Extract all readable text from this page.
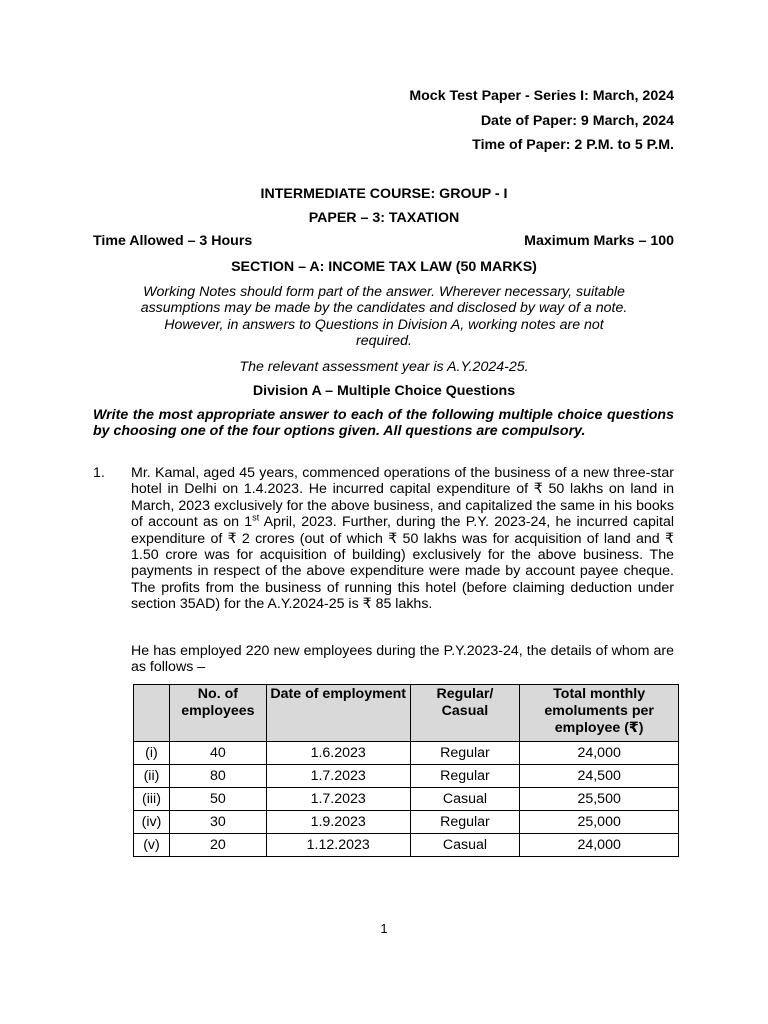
Mock Test Paper - Series I: March, 2024
Date of Paper: 9 March, 2024
Time of Paper: 2 P.M. to 5 P.M.
INTERMEDIATE COURSE: GROUP - I
PAPER – 3: TAXATION
Time Allowed – 3 Hours	Maximum Marks – 100
SECTION – A: INCOME TAX LAW (50 MARKS)
Working Notes should form part of the answer. Wherever necessary, suitable
assumptions may be made by the candidates and disclosed by way of a note.
However, in answers to Questions in Division A, working notes are not
required.
The relevant assessment year is A.Y.2024-25.
Division A – Multiple Choice Questions
Write the most appropriate answer to each of the following multiple choice questions by choosing one of the four options given. All questions are compulsory.
1. Mr. Kamal, aged 45 years, commenced operations of the business of a new three-star hotel in Delhi on 1.4.2023. He incurred capital expenditure of ₹ 50 lakhs on land in March, 2023 exclusively for the above business, and capitalized the same in his books of account as on 1st April, 2023. Further, during the P.Y. 2023-24, he incurred capital expenditure of ₹ 2 crores (out of which ₹ 50 lakhs was for acquisition of land and ₹ 1.50 crore was for acquisition of building) exclusively for the above business. The payments in respect of the above expenditure were made by account payee cheque. The profits from the business of running this hotel (before claiming deduction under section 35AD) for the A.Y.2024-25 is ₹ 85 lakhs.
He has employed 220 new employees during the P.Y.2023-24, the details of whom are as follows –
	No. of employees	Date of employment	Regular/ Casual	Total monthly emoluments per employee (₹)
(i)	40	1.6.2023	Regular	24,000
(ii)	80	1.7.2023	Regular	24,500
(iii)	50	1.7.2023	Casual	25,500
(iv)	30	1.9.2023	Regular	25,000
(v)	20	1.12.2023	Casual	24,000
1
